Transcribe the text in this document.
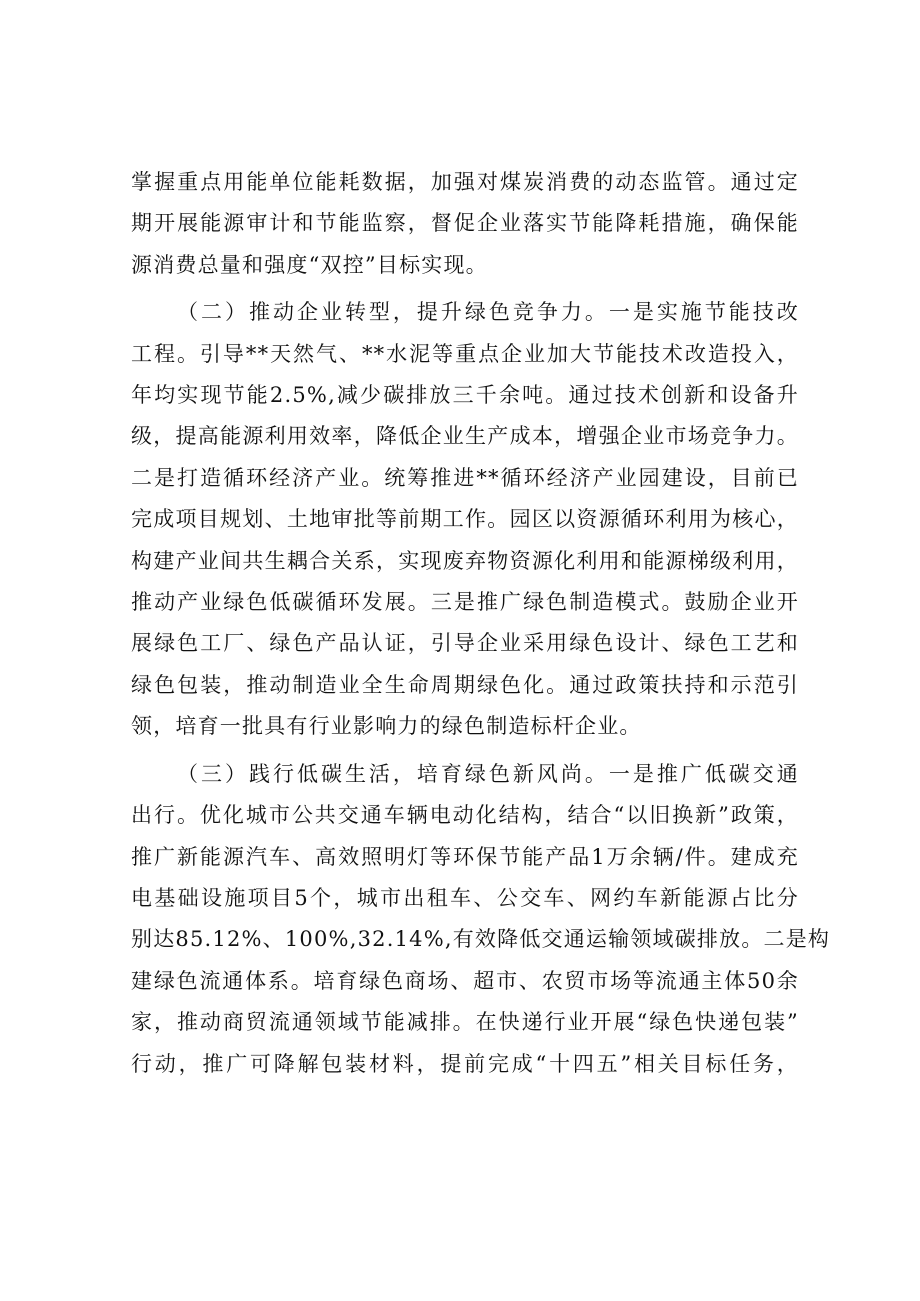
掌握重点用能单位能耗数据，加强对煤炭消费的动态监管。通过定
期开展能源审计和节能监察，督促企业落实节能降耗措施，确保能
源消费总量和强度“双控”目标实现。
（二）推动企业转型，提升绿色竞争力。一是实施节能技改
工程。引导**天然气、**水泥等重点企业加大节能技术改造投入，
年均实现节能2.5%,减少碳排放三千余吨。通过技术创新和设备升
级，提高能源利用效率，降低企业生产成本，增强企业市场竞争力。
二是打造循环经济产业。统筹推进**循环经济产业园建设，目前已
完成项目规划、土地审批等前期工作。园区以资源循环利用为核心，
构建产业间共生耦合关系，实现废弃物资源化利用和能源梯级利用，
推动产业绿色低碳循环发展。三是推广绿色制造模式。鼓励企业开
展绿色工厂、绿色产品认证，引导企业采用绿色设计、绿色工艺和
绿色包装，推动制造业全生命周期绿色化。通过政策扶持和示范引
领，培育一批具有行业影响力的绿色制造标杆企业。
（三）践行低碳生活，培育绿色新风尚。一是推广低碳交通
出行。优化城市公共交通车辆电动化结构，结合“以旧换新”政策，
推广新能源汽车、高效照明灯等环保节能产品1万余辆/件。建成充
电基础设施项目5个，城市出租车、公交车、网约车新能源占比分
别达85.12%、100%,32.14%,有效降低交通运输领域碳排放。二是构
建绿色流通体系。培育绿色商场、超市、农贸市场等流通主体50余
家，推动商贸流通领域节能减排。在快递行业开展“绿色快递包装”
行动，推广可降解包装材料，提前完成“十四五”相关目标任务，
